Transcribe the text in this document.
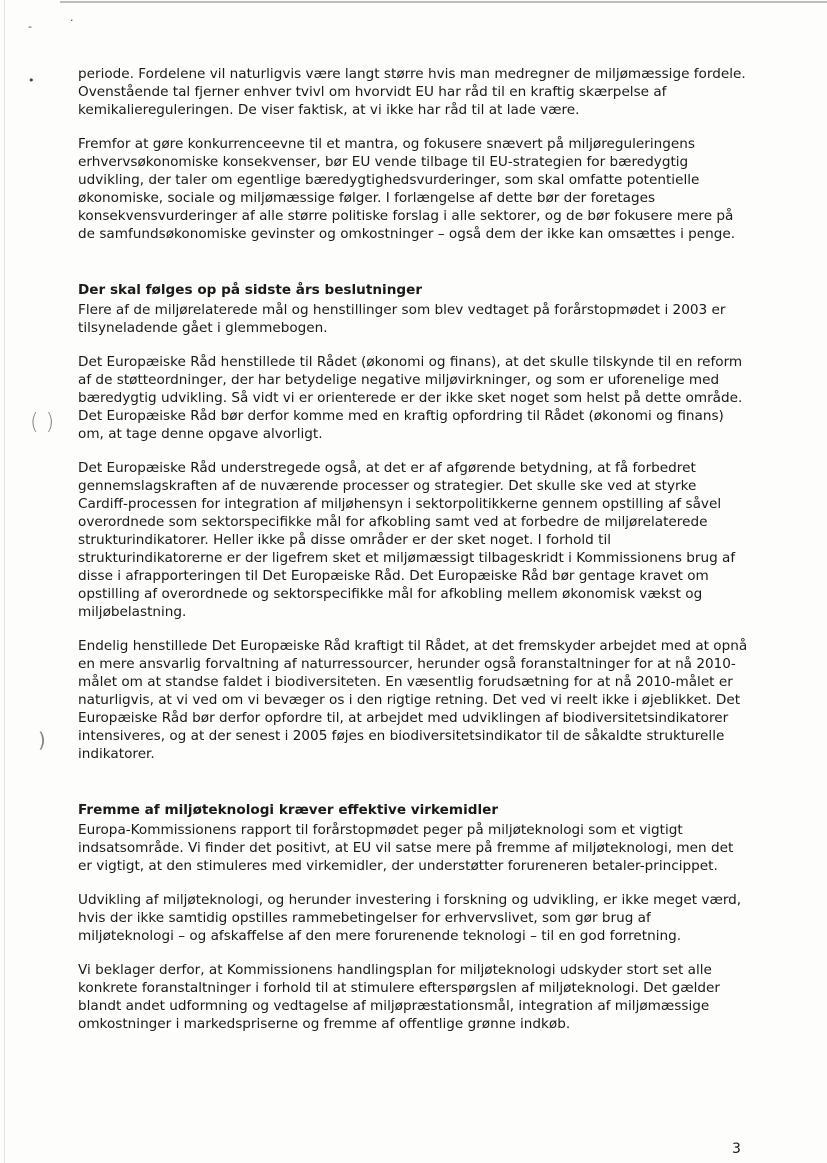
-	·
•
( )
)

periode. Fordelene vil naturligvis være langt større hvis man medregner de miljømæssige fordele. Ovenstående tal fjerner enhver tvivl om hvorvidt EU har råd til en kraftig skærpelse af kemikaliereguleringen. De viser faktisk, at vi ikke har råd til at lade være.

Fremfor at gøre konkurrenceevne til et mantra, og fokusere snævert på miljøreguleringens erhvervsøkonomiske konsekvenser, bør EU vende tilbage til EU-strategien for bæredygtig udvikling, der taler om egentlige bæredygtighedsvurderinger, som skal omfatte potentielle økonomiske, sociale og miljømæssige følger. I forlængelse af dette bør der foretages konsekvensvurderinger af alle større politiske forslag i alle sektorer, og de bør fokusere mere på de samfundsøkonomiske gevinster og omkostninger – også dem der ikke kan omsættes i penge.

Der skal følges op på sidste års beslutninger

Flere af de miljørelaterede mål og henstillinger som blev vedtaget på forårstopmødet i 2003 er tilsyneladende gået i glemmebogen.

Det Europæiske Råd henstillede til Rådet (økonomi og finans), at det skulle tilskynde til en reform af de støtteordninger, der har betydelige negative miljøvirkninger, og som er uforenelige med bæredygtig udvikling. Så vidt vi er orienterede er der ikke sket noget som helst på dette område. Det Europæiske Råd bør derfor komme med en kraftig opfordring til Rådet (økonomi og finans) om, at tage denne opgave alvorligt.

Det Europæiske Råd understregede også, at det er af afgørende betydning, at få forbedret gennemslagskraften af de nuværende processer og strategier. Det skulle ske ved at styrke Cardiff-processen for integration af miljøhensyn i sektorpolitikkerne gennem opstilling af såvel overordnede som sektorspecifikke mål for afkobling samt ved at forbedre de miljørelaterede strukturindikatorer. Heller ikke på disse områder er der sket noget. I forhold til strukturindikatorerne er der ligefrem sket et miljømæssigt tilbageskridt i Kommissionens brug af disse i afrapporteringen til Det Europæiske Råd. Det Europæiske Råd bør gentage kravet om opstilling af overordnede og sektorspecifikke mål for afkobling mellem økonomisk vækst og miljøbelastning.

Endelig henstillede Det Europæiske Råd kraftigt til Rådet, at det fremskyder arbejdet med at opnå en mere ansvarlig forvaltning af naturressourcer, herunder også foranstaltninger for at nå 2010-målet om at standse faldet i biodiversiteten. En væsentlig forudsætning for at nå 2010-målet er naturligvis, at vi ved om vi bevæger os i den rigtige retning. Det ved vi reelt ikke i øjeblikket. Det Europæiske Råd bør derfor opfordre til, at arbejdet med udviklingen af biodiversitetsindikatorer intensiveres, og at der senest i 2005 føjes en biodiversitetsindikator til de såkaldte strukturelle indikatorer.

Fremme af miljøteknologi kræver effektive virkemidler

Europa-Kommissionens rapport til forårstopmødet peger på miljøteknologi som et vigtigt indsatsområde. Vi finder det positivt, at EU vil satse mere på fremme af miljøteknologi, men det er vigtigt, at den stimuleres med virkemidler, der understøtter forureneren betaler-princippet.

Udvikling af miljøteknologi, og herunder investering i forskning og udvikling, er ikke meget værd, hvis der ikke samtidig opstilles rammebetingelser for erhvervslivet, som gør brug af miljøteknologi – og afskaffelse af den mere forurenende teknologi – til en god forretning.

Vi beklager derfor, at Kommissionens handlingsplan for miljøteknologi udskyder stort set alle konkrete foranstaltninger i forhold til at stimulere efterspørgslen af miljøteknologi. Det gælder blandt andet udformning og vedtagelse af miljøpræstationsmål, integration af miljømæssige omkostninger i markedspriserne og fremme af offentlige grønne indkøb.

3
